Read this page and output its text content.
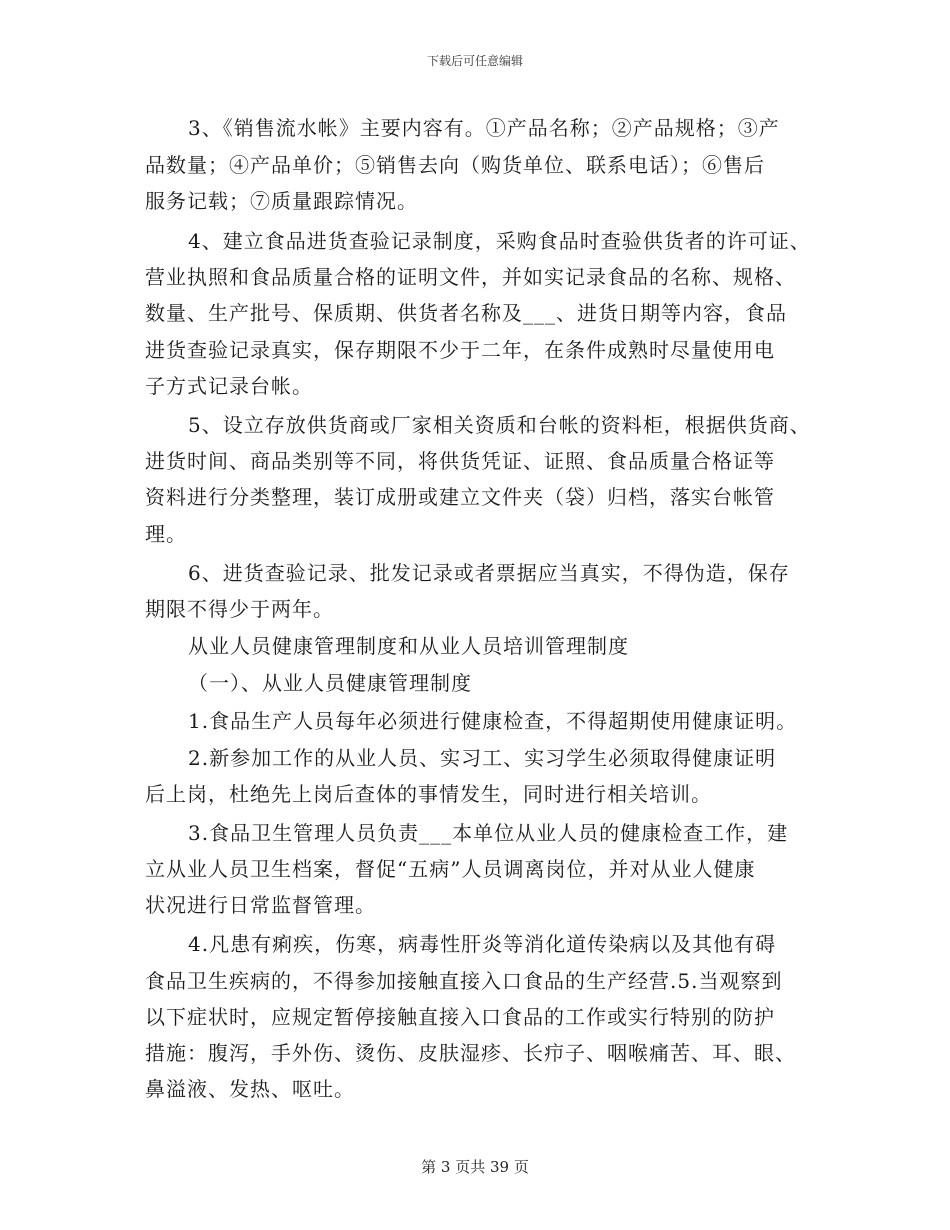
下载后可任意编辑
3、《销售流水帐》主要内容有。①产品名称；②产品规格；③产
品数量；④产品单价；⑤销售去向（购货单位、联系电话）；⑥售后
服务记载；⑦质量跟踪情况。
4、建立食品进货查验记录制度，采购食品时查验供货者的许可证、
营业执照和食品质量合格的证明文件，并如实记录食品的名称、规格、
数量、生产批号、保质期、供货者名称及___、进货日期等内容，食品
进货查验记录真实，保存期限不少于二年，在条件成熟时尽量使用电
子方式记录台帐。
5、设立存放供货商或厂家相关资质和台帐的资料柜，根据供货商、
进货时间、商品类别等不同，将供货凭证、证照、食品质量合格证等
资料进行分类整理，装订成册或建立文件夹（袋）归档，落实台帐管
理。
6、进货查验记录、批发记录或者票据应当真实，不得伪造，保存
期限不得少于两年。
从业人员健康管理制度和从业人员培训管理制度
（一）、从业人员健康管理制度
1.食品生产人员每年必须进行健康检查，不得超期使用健康证明。
2.新参加工作的从业人员、实习工、实习学生必须取得健康证明
后上岗，杜绝先上岗后查体的事情发生，同时进行相关培训。
3.食品卫生管理人员负责___本单位从业人员的健康检查工作，建
立从业人员卫生档案，督促“五病”人员调离岗位，并对从业人健康
状况进行日常监督管理。
4.凡患有痢疾，伤寒，病毒性肝炎等消化道传染病以及其他有碍
食品卫生疾病的，不得参加接触直接入口食品的生产经营.5.当观察到
以下症状时，应规定暂停接触直接入口食品的工作或实行特别的防护
措施：腹泻，手外伤、烫伤、皮肤湿疹、长疖子、咽喉痛苦、耳、眼、
鼻溢液、发热、呕吐。
第 3 页共 39 页
